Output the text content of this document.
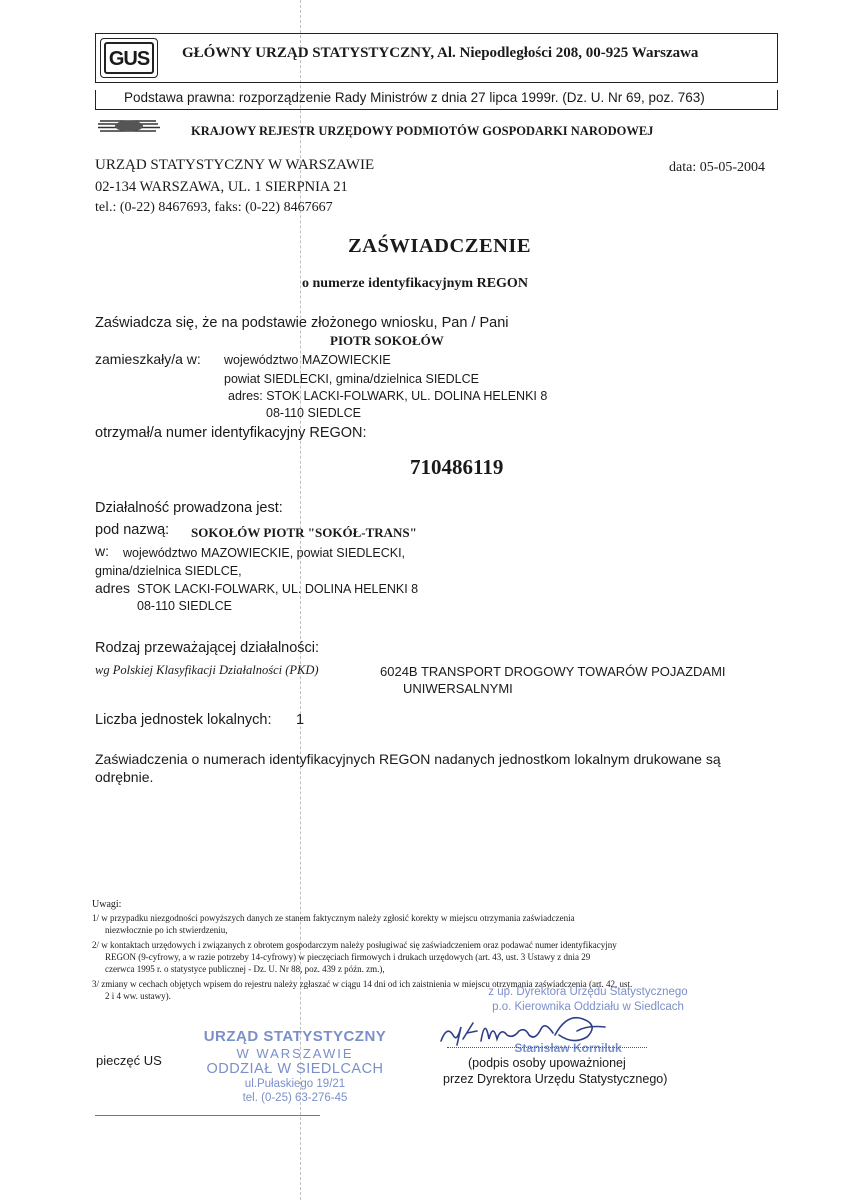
GUS	GŁÓWNY URZĄD STATYSTYCZNY, Al. Niepodległości 208, 00-925 Warszawa
Podstawa prawna: rozporządzenie Rady Ministrów z dnia 27 lipca 1999r. (Dz. U. Nr 69, poz. 763)
KRAJOWY REJESTR URZĘDOWY PODMIOTÓW GOSPODARKI NARODOWEJ
URZĄD STATYSTYCZNY W WARSZAWIE
02-134 WARSZAWA, UL. 1 SIERPNIA 21
tel.: (0-22) 8467693, faks: (0-22) 8467667
data: 05-05-2004
ZAŚWIADCZENIE
o numerze identyfikacyjnym REGON
Zaświadcza się, że na podstawie złożonego wniosku, Pan / Pani
PIOTR SOKOŁÓW
zamieszkały/a w: województwo MAZOWIECKIE
powiat SIEDLECKI, gmina/dzielnica SIEDLCE
adres: STOK LACKI-FOLWARK, UL. DOLINA HELENKI 8
08-110 SIEDLCE
otrzymał/a numer identyfikacyjny REGON:
710486119
Działalność prowadzona jest:
pod nazwą: SOKOŁÓW PIOTR "SOKÓŁ-TRANS"
w: województwo MAZOWIECKIE, powiat SIEDLECKI,
gmina/dzielnica SIEDLCE,
adres STOK LACKI-FOLWARK, UL. DOLINA HELENKI 8
08-110 SIEDLCE
Rodzaj przeważającej działalności:
wg Polskiej Klasyfikacji Działalności (PKD)	6024B TRANSPORT DROGOWY TOWARÓW POJAZDAMI
UNIWERSALNYMI
Liczba jednostek lokalnych: 1
Zaświadczenia o numerach identyfikacyjnych REGON nadanych jednostkom lokalnym drukowane są
odrębnie.
Uwagi:
1/ w przypadku niezgodności powyższych danych ze stanem faktycznym należy zgłosić korekty w miejscu otrzymania zaświadczenia
niezwłocznie po ich stwierdzeniu,
2/ w kontaktach urzędowych i związanych z obrotem gospodarczym należy posługiwać się zaświadczeniem oraz podawać numer identyfikacyjny
REGON (9-cyfrowy, a w razie potrzeby 14-cyfrowy) w pieczęciach firmowych i drukach urzędowych (art. 43, ust. 3 Ustawy z dnia 29
czerwca 1995 r. o statystyce publicznej - Dz. U. Nr 88, poz. 439 z późn. zm.),
3/ zmiany w cechach objętych wpisem do rejestru należy zgłaszać w ciągu 14 dni od ich zaistnienia w miejscu otrzymania zaświadczenia (art. 42, ust.
2 i 4 ww. ustawy).	z up. Dyrektora Urzędu Statystycznego
p.o. Kierownika Oddziału w Siedlcach
Stanisław Korniluk
URZĄD STATYSTYCZNY
W WARSZAWIE
ODDZIAŁ W SIEDLCACH
ul.Pułaskiego 19/21
tel. (0-25) 63-276-45
pieczęć US	(podpis osoby upoważnionej
przez Dyrektora Urzędu Statystycznego)
